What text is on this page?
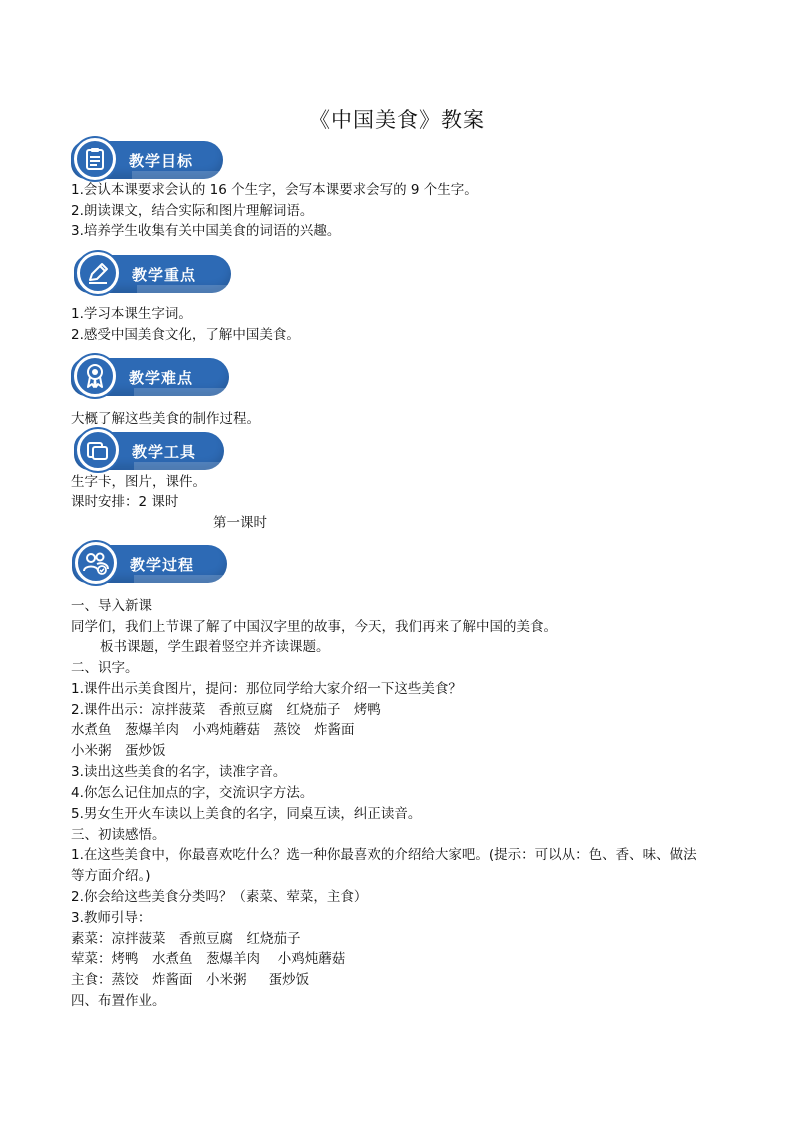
《中国美食》教案
教学目标
1.会认本课要求会认的 16 个生字，会写本课要求会写的 9 个生字。
2.朗读课文，结合实际和图片理解词语。
3.培养学生收集有关中国美食的词语的兴趣。
教学重点
1.学习本课生字词。
2.感受中国美食文化，了解中国美食。
教学难点
大概了解这些美食的制作过程。
教学工具
生字卡，图片，课件。
课时安排：2 课时
第一课时
教学过程
一、导入新课
同学们，我们上节课了解了中国汉字里的故事，今天，我们再来了解中国的美食。
板书课题，学生跟着竖空并齐读课题。
二、识字。
1.课件出示美食图片，提问：那位同学给大家介绍一下这些美食？
2.课件出示：凉拌菠菜　香煎豆腐　红烧茄子　烤鸭
水煮鱼　葱爆羊肉　小鸡炖蘑菇　蒸饺　炸酱面
小米粥　蛋炒饭
3.读出这些美食的名字，读准字音。
4.你怎么记住加点的字，交流识字方法。
5.男女生开火车读以上美食的名字，同桌互读，纠正读音。
三、初读感悟。
1.在这些美食中，你最喜欢吃什么？选一种你最喜欢的介绍给大家吧。(提示：可以从：色、香、味、做法
等方面介绍。)
2.你会给这些美食分类吗？（素菜、荤菜，主食）
3.教师引导：
素菜：凉拌菠菜　香煎豆腐　红烧茄子
荤菜：烤鸭　水煮鱼　葱爆羊肉　 小鸡炖蘑菇
主食：蒸饺　炸酱面　小米粥 　 蛋炒饭
四、布置作业。
